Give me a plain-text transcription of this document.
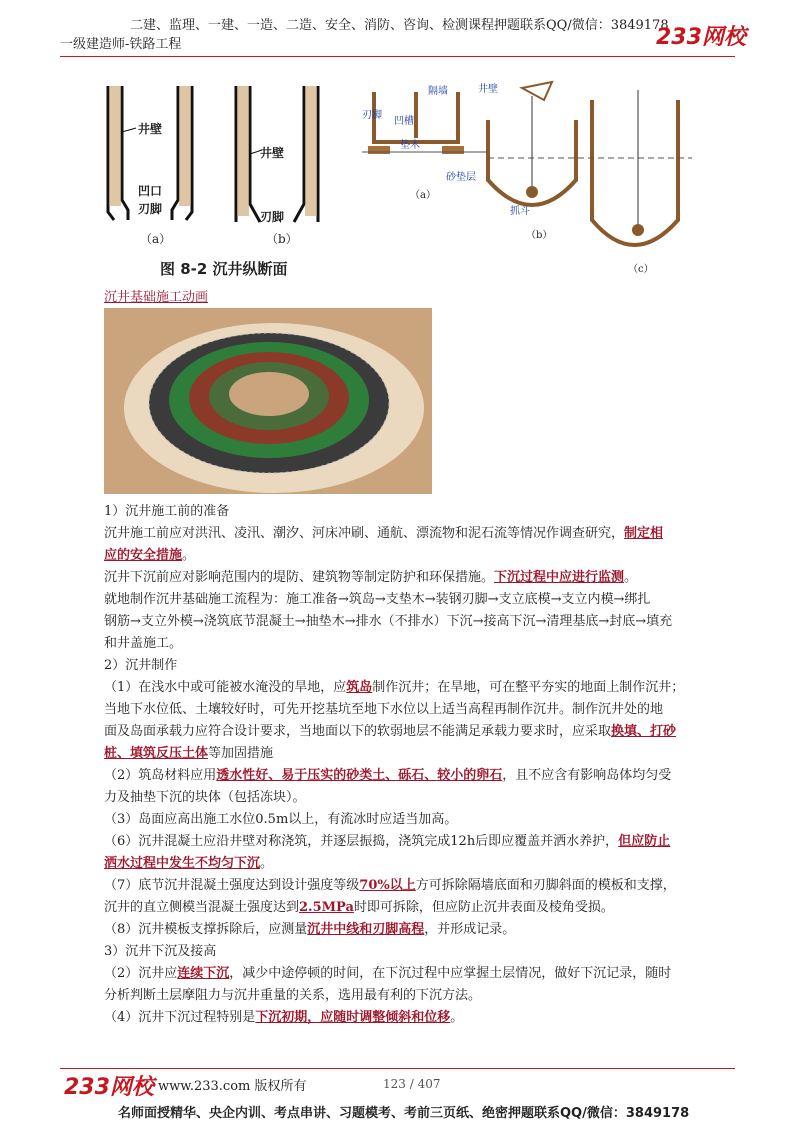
二建、监理、一建、一造、二造、安全、消防、咨询、检测课程押题联系QQ/微信：3849178
一级建造师-铁路工程	233网校
井壁
凹口
刃脚
（a）
井壁
刃脚
（b）
图 8-2 沉井纵断面
隔墙	井壁
刃脚
凹槽
垫木
砂垫层
抓斗
（a）
（b）
（c）
沉井基础施工动画
1）沉井施工前的准备
沉井施工前应对洪汛、凌汛、潮汐、河床冲刷、通航、漂流物和泥石流等情况作调查研究，制定相
应的安全措施。
沉井下沉前应对影响范围内的堤防、建筑物等制定防护和环保措施。下沉过程中应进行监测。
就地制作沉井基础施工流程为：施工准备→筑岛→支垫木→装钢刃脚→支立底模→支立内模→绑扎
钢筋→支立外模→浇筑底节混凝土→抽垫木→排水（不排水）下沉→接高下沉→清理基底→封底→填充
和井盖施工。
2）沉井制作
（1）在浅水中或可能被水淹没的旱地，应筑岛制作沉井；在旱地，可在整平夯实的地面上制作沉井；
当地下水位低、土壤较好时，可先开挖基坑至地下水位以上适当高程再制作沉井。制作沉井处的地
面及岛面承载力应符合设计要求，当地面以下的软弱地层不能满足承载力要求时，应采取换填、打砂
桩、填筑反压土体等加固措施
（2）筑岛材料应用透水性好、易于压实的砂类土、砾石、较小的卵石，且不应含有影响岛体均匀受
力及抽垫下沉的块体（包括冻块）。
（3）岛面应高出施工水位0.5m以上，有流冰时应适当加高。
（6）沉井混凝土应沿井壁对称浇筑，并逐层振捣，浇筑完成12h后即应覆盖并洒水养护，但应防止
洒水过程中发生不均匀下沉。
（7）底节沉井混凝土强度达到设计强度等级70%以上方可拆除隔墙底面和刃脚斜面的模板和支撑，
沉井的直立侧模当混凝土强度达到2.5MPa时即可拆除，但应防止沉井表面及棱角受损。
（8）沉井模板支撑拆除后，应测量沉井中线和刃脚高程，并形成记录。
3）沉井下沉及接高
（2）沉井应连续下沉，减少中途停顿的时间，在下沉过程中应掌握土层情况，做好下沉记录，随时
分析判断土层摩阻力与沉井重量的关系，选用最有利的下沉方法。
（4）沉井下沉过程特别是下沉初期，应随时调整倾斜和位移。
233网校 www.233.com 版权所有	123 / 407
名师面授精华、央企内训、考点串讲、习题模考、考前三页纸、绝密押题联系QQ/微信：3849178
